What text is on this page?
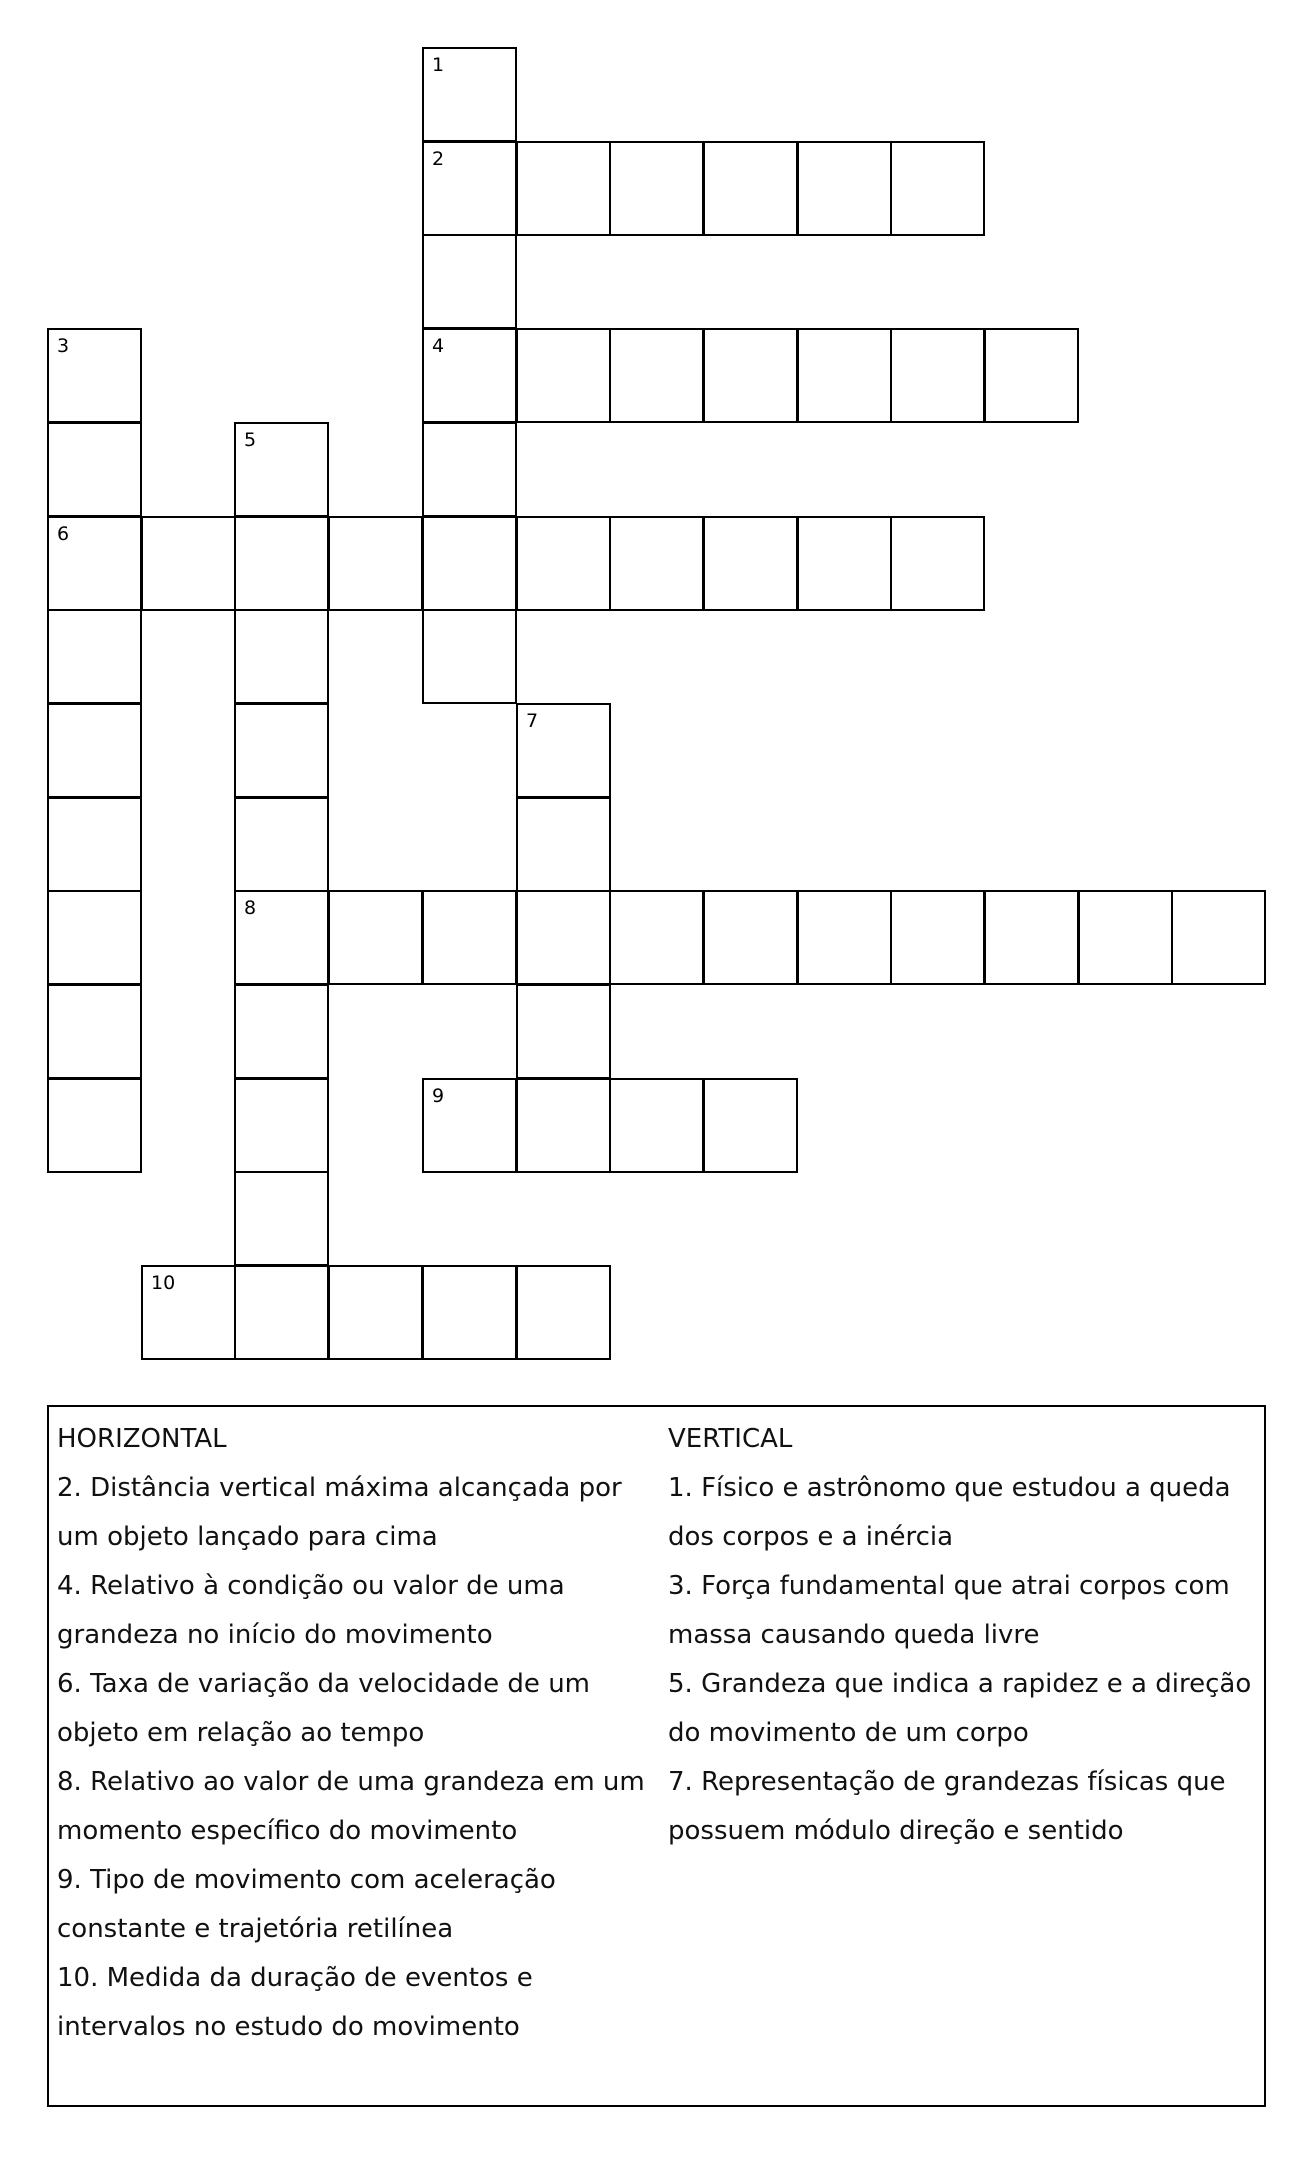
1
2
3	4
5
6
7
8
9
10
HORIZONTAL
2. Distância vertical máxima alcançada por um objeto lançado para cima
4. Relativo à condição ou valor de uma grandeza no início do movimento
6. Taxa de variação da velocidade de um objeto em relação ao tempo
8. Relativo ao valor de uma grandeza em um momento específico do movimento
9. Tipo de movimento com aceleração constante e trajetória retilínea
10. Medida da duração de eventos e intervalos no estudo do movimento
VERTICAL
1. Físico e astrônomo que estudou a queda dos corpos e a inércia
3. Força fundamental que atrai corpos com massa causando queda livre
5. Grandeza que indica a rapidez e a direção do movimento de um corpo
7. Representação de grandezas físicas que possuem módulo direção e sentido
